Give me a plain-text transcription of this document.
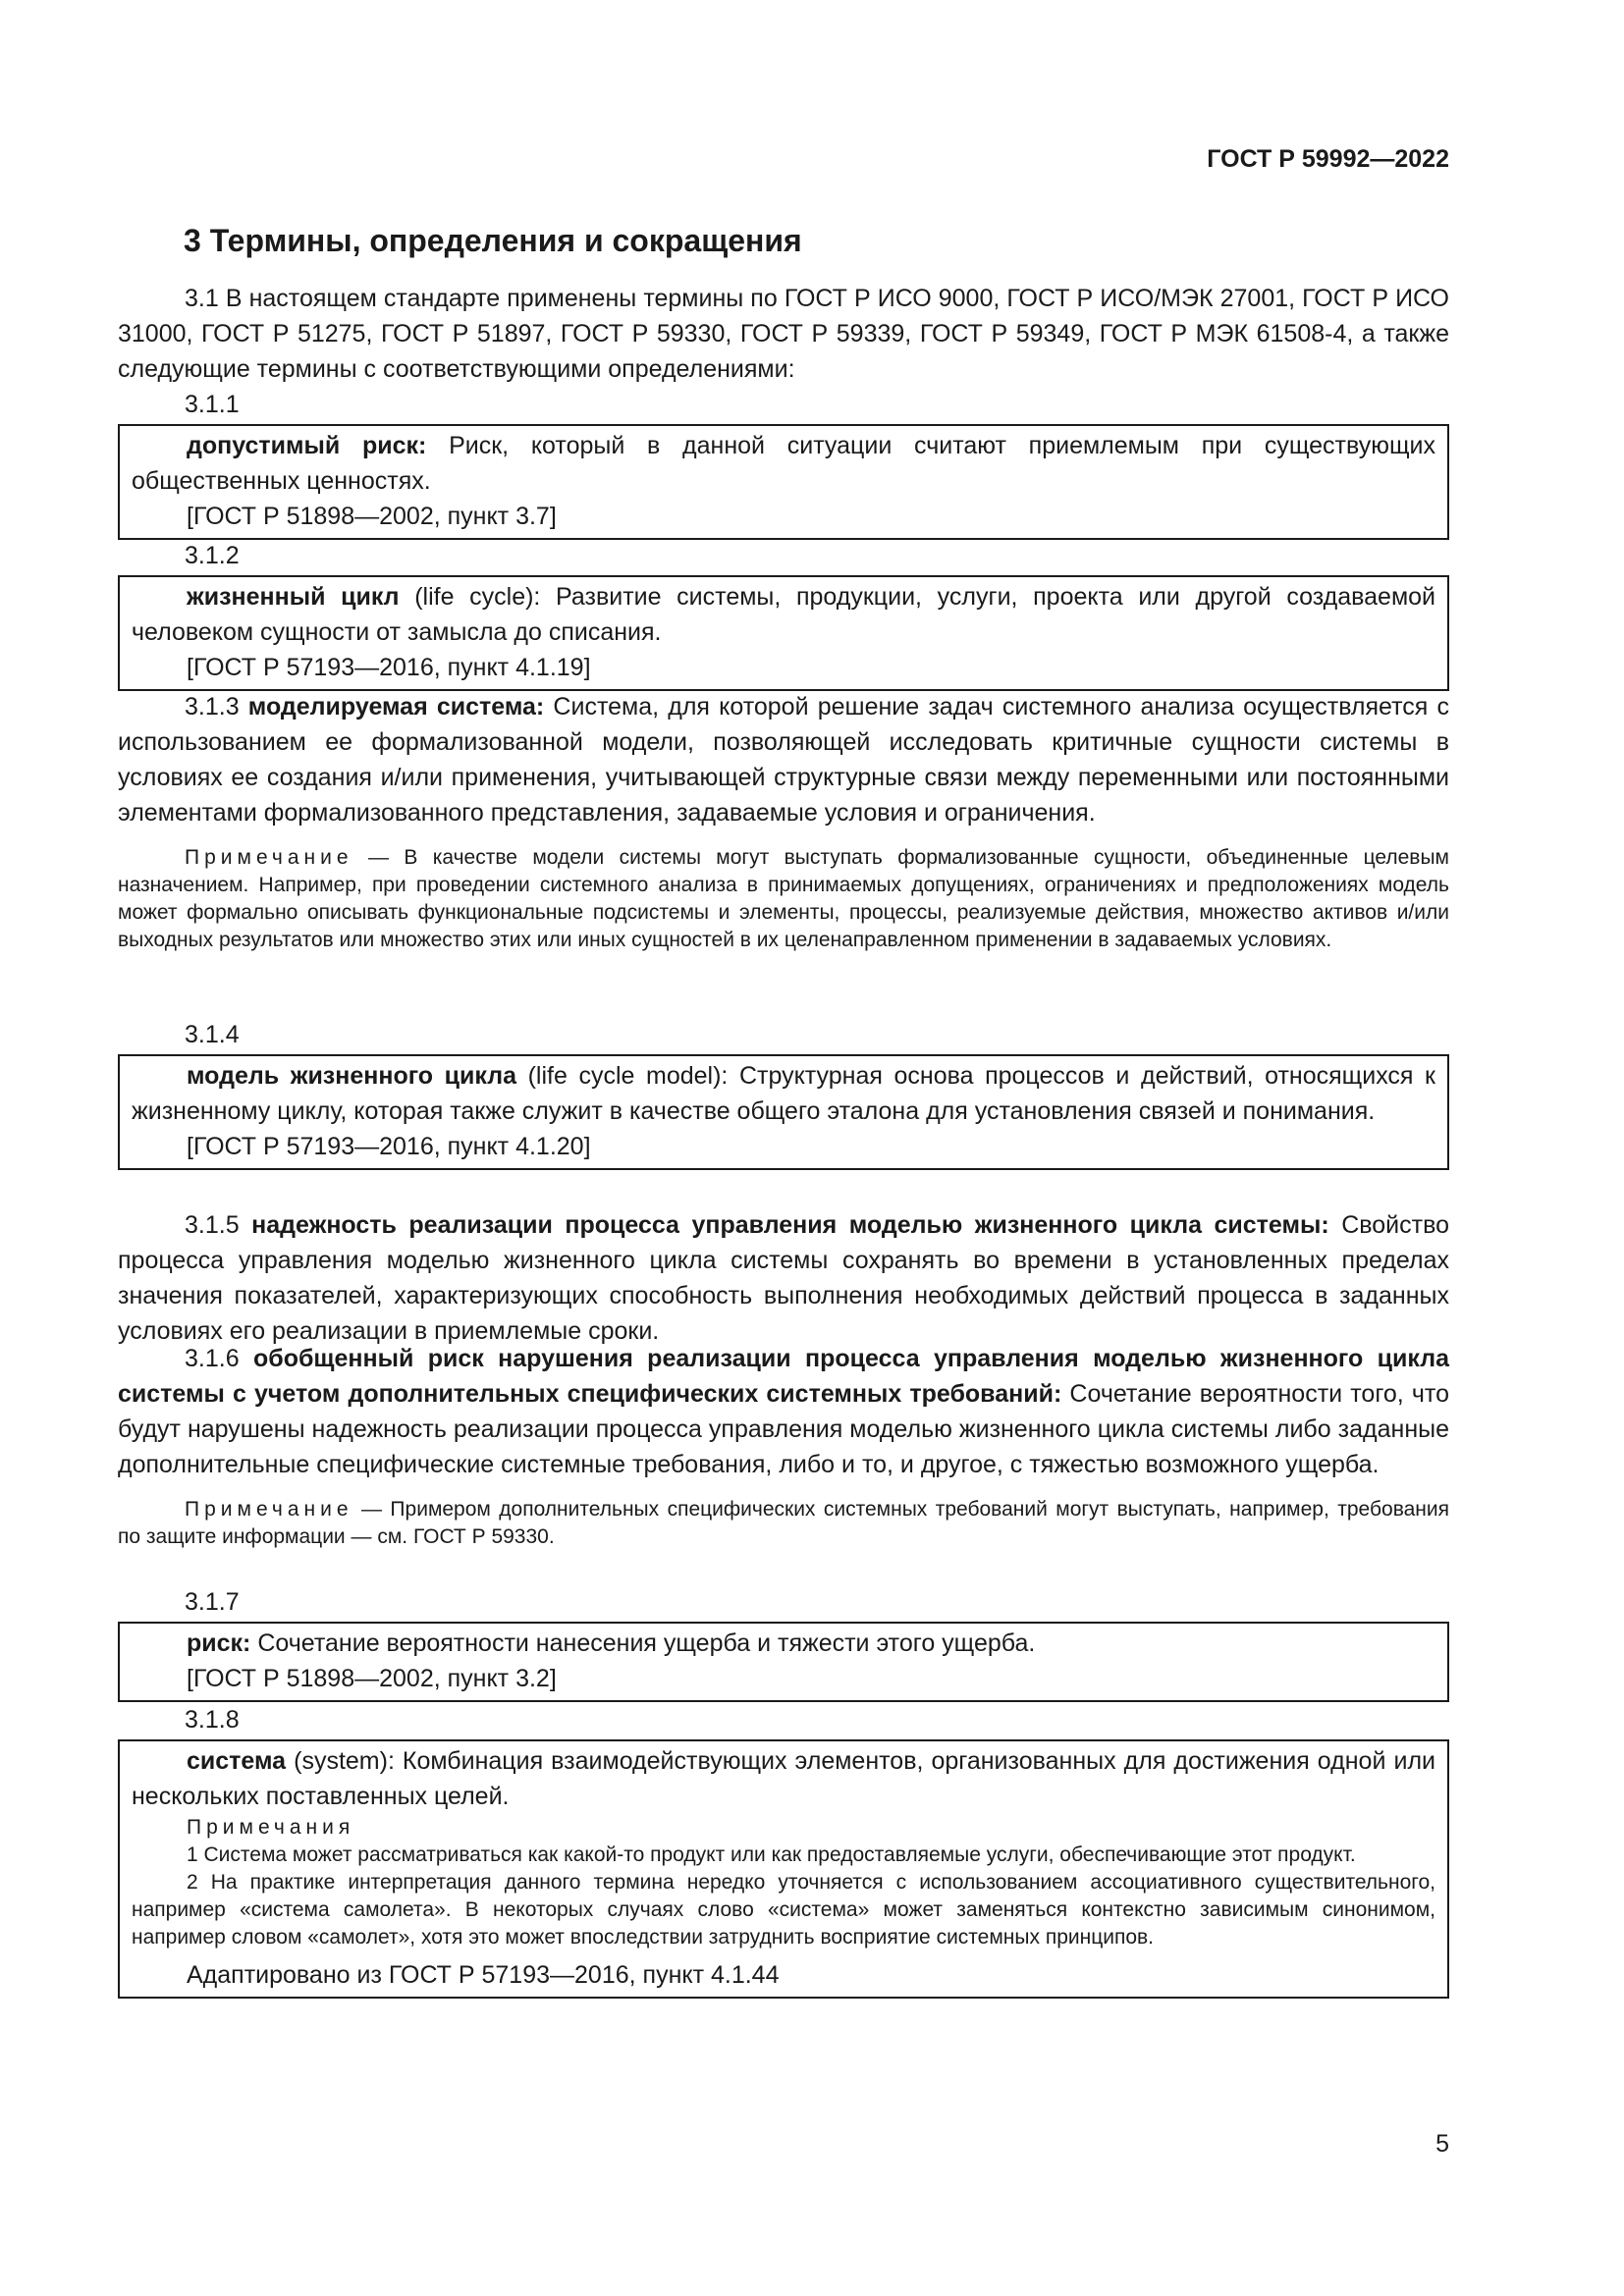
ГОСТ Р 59992—2022
3 Термины, определения и сокращения

3.1 В настоящем стандарте применены термины по ГОСТ Р ИСО 9000, ГОСТ Р ИСО/МЭК 27001, ГОСТ Р ИСО 31000, ГОСТ Р 51275, ГОСТ Р 51897, ГОСТ Р 59330, ГОСТ Р 59339, ГОСТ Р 59349, ГОСТ Р МЭК 61508-4, а также следующие термины с соответствующими определениями:

3.1.1

допустимый риск: Риск, который в данной ситуации считают приемлемым при существующих общественных ценностях.

[ГОСТ Р 51898—2002, пункт 3.7]

3.1.2

жизненный цикл (life cycle): Развитие системы, продукции, услуги, проекта или другой создаваемой человеком сущности от замысла до списания.

[ГОСТ Р 57193—2016, пункт 4.1.19]

3.1.3 моделируемая система: Система, для которой решение задач системного анализа осуществляется с использованием ее формализованной модели, позволяющей исследовать критичные сущности системы в условиях ее создания и/или применения, учитывающей структурные связи между переменными или постоянными элементами формализованного представления, задаваемые условия и ограничения.

Примечание — В качестве модели системы могут выступать формализованные сущности, объединенные целевым назначением. Например, при проведении системного анализа в принимаемых допущениях, ограничениях и предположениях модель может формально описывать функциональные подсистемы и элементы, процессы, реализуемые действия, множество активов и/или выходных результатов или множество этих или иных сущностей в их целенаправленном применении в задаваемых условиях.

3.1.4

модель жизненного цикла (life cycle model): Структурная основа процессов и действий, относящихся к жизненному циклу, которая также служит в качестве общего эталона для установления связей и понимания.

[ГОСТ Р 57193—2016, пункт 4.1.20]

3.1.5 надежность реализации процесса управления моделью жизненного цикла системы: Свойство процесса управления моделью жизненного цикла системы сохранять во времени в установленных пределах значения показателей, характеризующих способность выполнения необходимых действий процесса в заданных условиях его реализации в приемлемые сроки.

3.1.6 обобщенный риск нарушения реализации процесса управления моделью жизненного цикла системы с учетом дополнительных специфических системных требований: Сочетание вероятности того, что будут нарушены надежность реализации процесса управления моделью жизненного цикла системы либо заданные дополнительные специфические системные требования, либо и то, и другое, с тяжестью возможного ущерба.

Примечание — Примером дополнительных специфических системных требований могут выступать, например, требования по защите информации — см. ГОСТ Р 59330.

3.1.7

риск: Сочетание вероятности нанесения ущерба и тяжести этого ущерба.

[ГОСТ Р 51898—2002, пункт 3.2]

3.1.8

система (system): Комбинация взаимодействующих элементов, организованных для достижения одной или нескольких поставленных целей.

Примечания

1 Система может рассматриваться как какой-то продукт или как предоставляемые услуги, обеспечивающие этот продукт.

2 На практике интерпретация данного термина нередко уточняется с использованием ассоциативного существительного, например «система самолета». В некоторых случаях слово «система» может заменяться контекстно зависимым синонимом, например словом «самолет», хотя это может впоследствии затруднить восприятие системных принципов.

Адаптировано из ГОСТ Р 57193—2016, пункт 4.1.44

5
